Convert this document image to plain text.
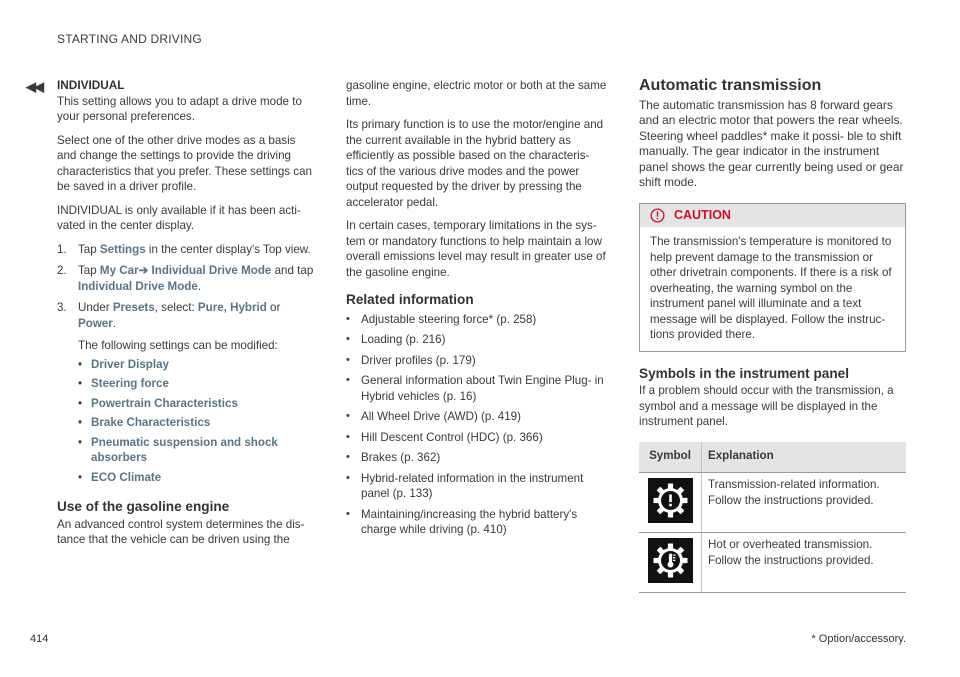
STARTING AND DRIVING
◀◀ INDIVIDUAL

This setting allows you to adapt a drive mode to your personal preferences.

Select one of the other drive modes as a basis and change the settings to provide the driving characteristics that you prefer. These settings can be saved in a driver profile.

INDIVIDUAL is only available if it has been acti- vated in the center display.

1. Tap Settings in the center display's Top view.
2. Tap My Car➔ Individual Drive Mode and tap Individual Drive Mode.
3. Under Presets, select: Pure, Hybrid or Power.
The following settings can be modified:
• Driver Display
• Steering force
• Powertrain Characteristics
• Brake Characteristics
• Pneumatic suspension and shock absorbers
• ECO Climate
Use of the gasoline engine

An advanced control system determines the dis- tance that the vehicle can be driven using the

gasoline engine, electric motor or both at the same time.

Its primary function is to use the motor/engine and the current available in the hybrid battery as efficiently as possible based on the characteris- tics of the various drive modes and the power output requested by the driver by pressing the accelerator pedal.

In certain cases, temporary limitations in the sys- tem or mandatory functions to help maintain a low overall emissions level may result in greater use of the gasoline engine.

Related information
• Adjustable steering force* (p. 258)
• Loading (p. 216)
• Driver profiles (p. 179)
• General information about Twin Engine Plug- in Hybrid vehicles (p. 16)
• All Wheel Drive (AWD) (p. 419)
• Hill Descent Control (HDC) (p. 366)
• Brakes (p. 362)
• Hybrid-related information in the instrument panel (p. 133)
• Maintaining/increasing the hybrid battery's charge while driving (p. 410)
Automatic transmission

The automatic transmission has 8 forward gears and an electric motor that powers the rear wheels. Steering wheel paddles* make it possi- ble to shift manually. The gear indicator in the instrument panel shows the gear currently being used or gear shift mode.

CAUTION
The transmission's temperature is monitored to help prevent damage to the transmission or other drivetrain components. If there is a risk of overheating, the warning symbol on the instrument panel will illuminate and a text message will be displayed. Follow the instruc- tions provided there.
Symbols in the instrument panel

If a problem should occur with the transmission, a symbol and a message will be displayed in the instrument panel.

Symbol	Explanation

	Transmission-related information. Follow the instructions provided.

	Hot or overheated transmission. Follow the instructions provided.
414	* Option/accessory.
